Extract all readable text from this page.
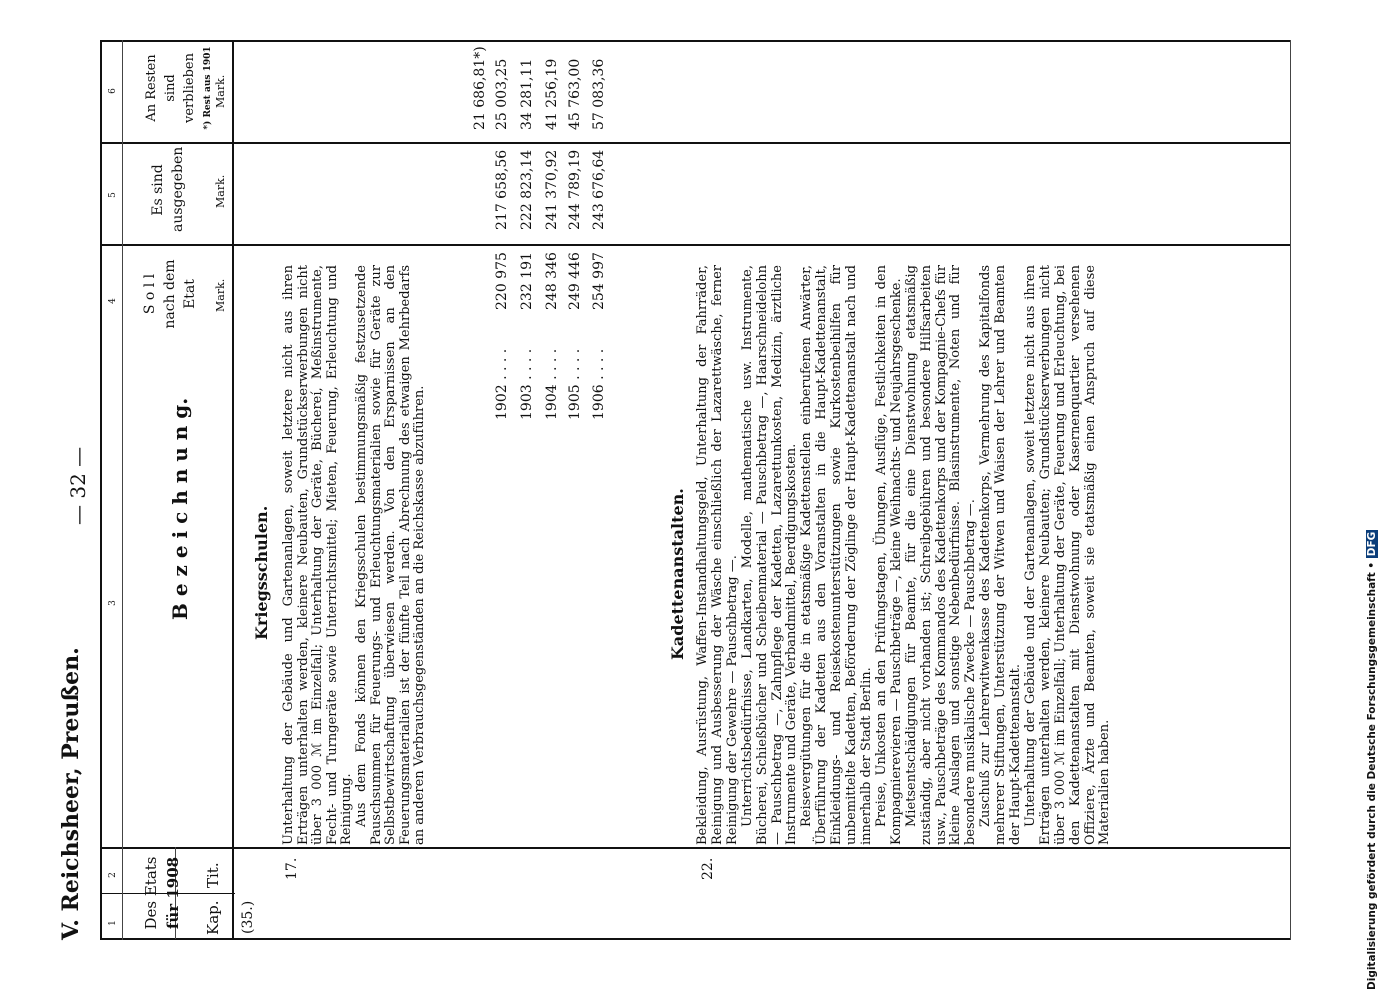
V. Reichsheer, Preußen.
— 32 —
1
2
3
4
5
6
Des Etats für 1908 Kap.
Tit.
B e z e i c h n u n g.
S o l l nach dem Etat Mark.
Es sind ausgegeben	Mark.
An Resten sind verblieben *) Rest aus 1901 Mark.
(35.)
Kriegsschulen.
17.

Unterhaltung der Gebäude und Gartenanlagen, soweit letztere nicht aus ihren Erträgen unterhalten werden, kleinere Neubauten, Grundstückserwerbungen nicht über 3 000 ℳ im Einzelfall; Unterhaltung der Geräte, Büchereí, Meßinstrumente, Fecht- und Turngeräte sowie Unterrichtsmittel; Mieten, Feuerung, Erleuchtung und Reinigung. Aus dem Fonds können den Kriegsschulen bestimmungsmäßig festzusetzende Pauschsummen für Feuerungs- und Erleuchtungsmaterialien sowie für Geräte zur Selbstbewirtschaftung überwiesen werden. Von den Ersparnissen an den Feuerungsmaterialien ist der fünfte Teil nach Abrechnung des etwaigen Mehrbedarfs an anderen Verbrauchsgegenständen an die Reichskasse abzuführen.

1902 . . . . 1903 . . . . 1904 . . . . 1905 . . . . 1906 . . . .
220 975 232 191 248 346 249 446 254 997
217 658,56 222 823,14 241 370,92 244 789,19 243 676,64
21 686,81*) 25 003,25 34 281,11 41 256,19 45 763,00 57 083,36
Kadettenanstalten.
22.

Bekleidung, Ausrüstung, Waffen-Instandhaltungsgeld, Unterhaltung der Fahrräder, Reinigung und Ausbesserung der Wäsche einschließlich der Lazarettwäsche, ferner Reinigung der Gewehre — Pauschbetrag —. Unterrichtsbedürfnisse, Landkarten, Modelle, mathematische usw. Instrumente, Bücherei, Schießbücher und Scheibenmaterial — Pauschbetrag —, Haarschneidelohn — Pauschbetrag —, Zahnpflege der Kadetten, Lazarettunkosten, Medizin, ärztliche Instrumente und Geräte, Verbandmittel, Beerdigungskosten. Reisevergütungen für die in etatsmäßige Kadettenstellen einberufenen Anwärter, Überführung der Kadetten aus den Voranstalten in die Haupt-Kadettenanstalt, Einkleidungs- und Reisekostenunterstützungen sowie Kurkostenbeihilfen für unbemittelte Kadetten, Beförderung der Zöglinge der Haupt-Kadettenanstalt nach und innerhalb der Stadt Berlin. Preise, Unkosten an den Prüfungstagen, Übungen, Ausflüge, Festlichkeiten in den Kompagnierevieren — Pauschbeträge —, kleine Weihnachts- und Neujahrsgeschenke. Mietsentschädigungen für Beamte, für die eine Dienstwohnung etatsmäßig zuständig, aber nicht vorhanden ist; Schreibgebühren und besondere Hilfsarbeiten usw., Pauschbeträge des Kommandos des Kadettenkorps und der Kompagnie-Chefs für kleine Auslagen und sonstige Nebenbedürfnisse. Blasinstrumente, Noten und für besondere musikalische Zwecke — Pauschbetrag —. Zuschuß zur Lehrerwitwenkasse des Kadettenkorps, Vermehrung des Kapitalfonds mehrerer Stiftungen, Unterstützung der Witwen und Waisen der Lehrer und Beamten der Haupt-Kadettenanstalt. Unterhaltung der Gebäude und der Gartenanlagen, soweit letztere nicht aus ihren Erträgen unterhalten werden, kleinere Neubauten; Grundstückserwerbungen nicht über 3 000 ℳ im Einzelfall; Unterhaltung der Geräte, Feuerung und Erleuchtung, bei den Kadettenanstalten mit Dienstwohnung oder Kasernenquartier versehenen Offiziere, Ärzte und Beamten, soweit sie etatsmäßig einen Anspruch auf diese Materialien haben.	Digitalisierung gefördert durch die Deutsche Forschungsgemeinschaft • DFG
